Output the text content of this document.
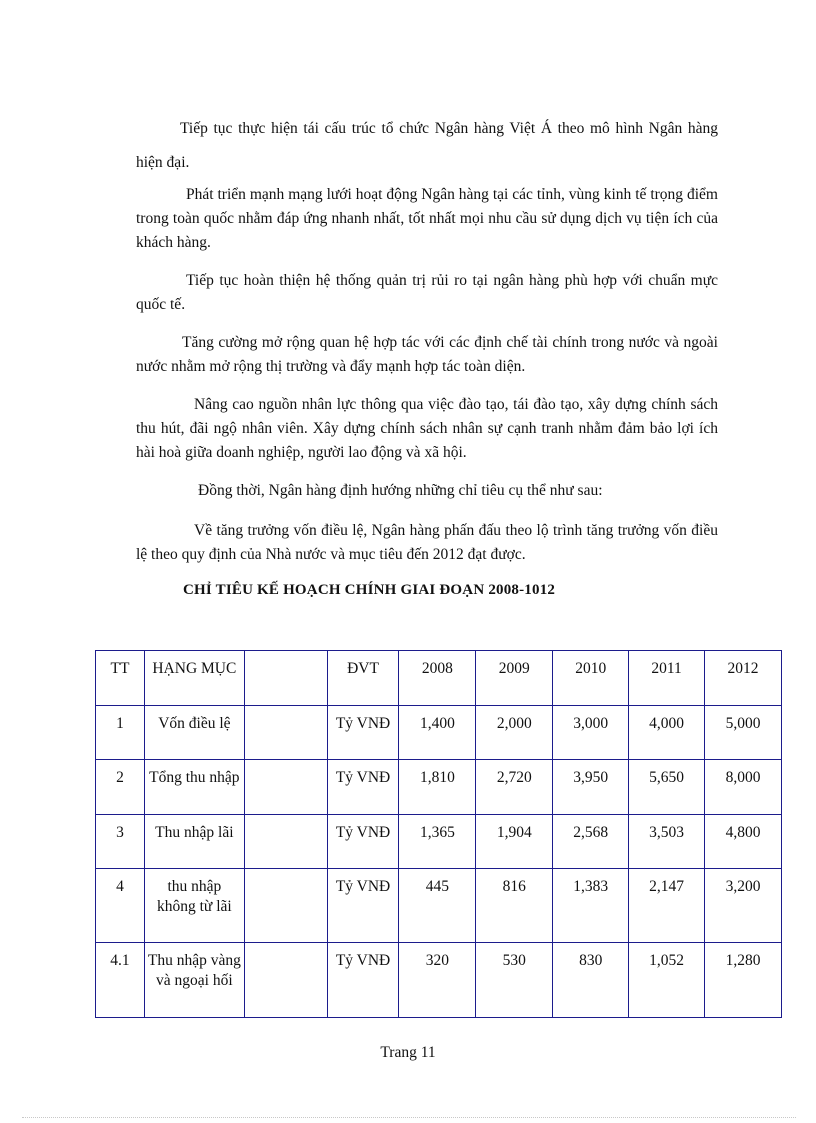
Tiếp tục thực hiện tái cấu trúc tổ chức Ngân hàng Việt Á theo mô hình Ngân hàng hiện đại.

Phát triển mạnh mạng lưới hoạt động Ngân hàng tại các tỉnh, vùng kinh tế trọng điểm trong toàn quốc nhằm đáp ứng nhanh nhất, tốt nhất mọi nhu cầu sử dụng dịch vụ tiện ích của khách hàng.

Tiếp tục hoàn thiện hệ thống quản trị rủi ro tại ngân hàng phù hợp với chuẩn mực quốc tế.

Tăng cường mở rộng quan hệ hợp tác với các định chế tài chính trong nước và ngoài nước nhằm mở rộng thị trường và đẩy mạnh hợp tác toàn diện.

Nâng cao nguồn nhân lực thông qua việc đào tạo, tái đào tạo, xây dựng chính sách thu hút, đãi ngộ nhân viên. Xây dựng chính sách nhân sự cạnh tranh nhằm đảm bảo lợi ích hài hoà giữa doanh nghiệp, người lao động và xã hội.

Đồng thời, Ngân hàng định hướng những chỉ tiêu cụ thể như sau:

Về tăng trưởng vốn điều lệ, Ngân hàng phấn đấu theo lộ trình tăng trưởng vốn điều lệ theo quy định của Nhà nước và mục tiêu đến 2012 đạt được.

CHỈ TIÊU KẾ HOẠCH CHÍNH GIAI ĐOẠN 2008-1012

TT	HẠNG MỤC		ĐVT	2008	2009	2010	2011	2012
1	Vốn điều lệ		Tỷ VNĐ	1,400	2,000	3,000	4,000	5,000
2	Tổng thu nhập		Tỷ VNĐ	1,810	2,720	3,950	5,650	8,000
3	Thu nhập lãi		Tỷ VNĐ	1,365	1,904	2,568	3,503	4,800
4	thu nhập không từ lãi		Tỷ VNĐ	445	816	1,383	2,147	3,200
4.1	Thu nhập vàng và ngoại hối		Tỷ VNĐ	320	530	830	1,052	1,280

Trang 11
